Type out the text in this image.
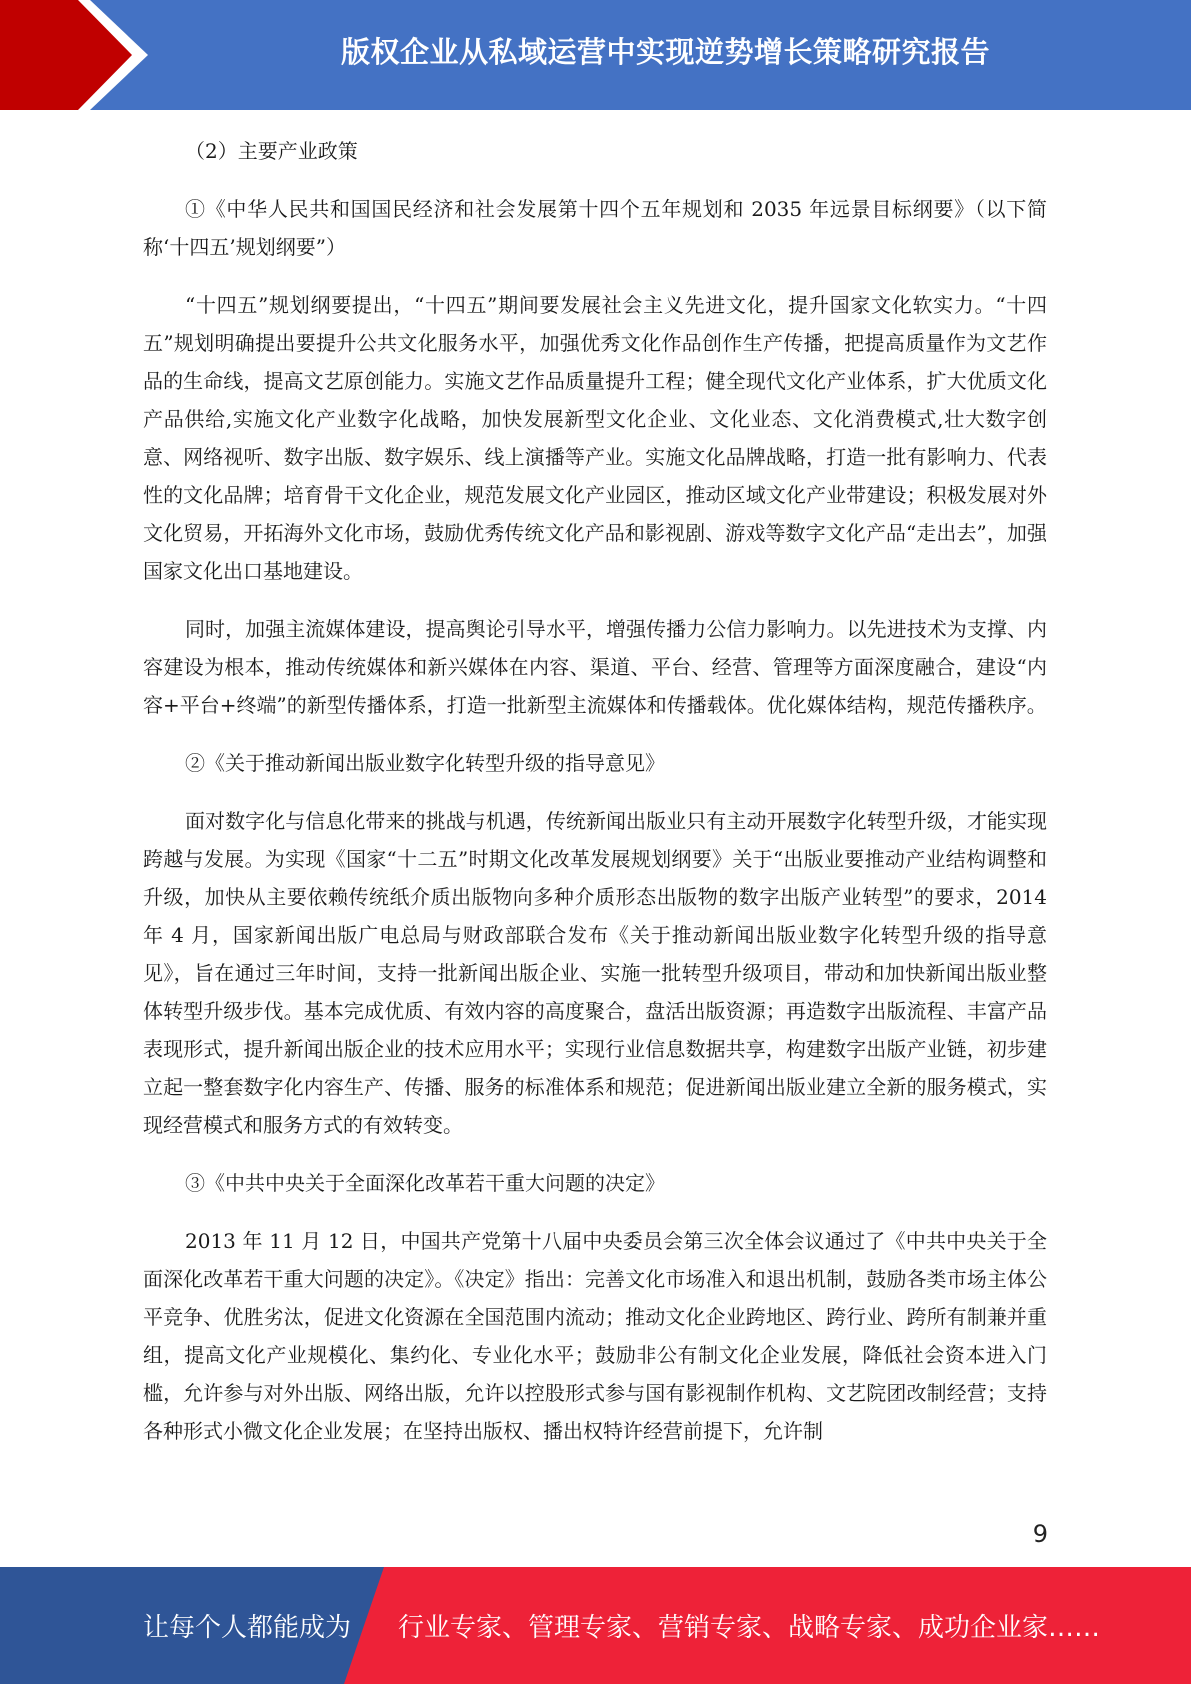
版权企业从私域运营中实现逆势增长策略研究报告

（2）主要产业政策

①《中华人民共和国国民经济和社会发展第十四个五年规划和 2035 年远景目标纲要》（以下简称‘十四五’规划纲要”）

“十四五”规划纲要提出，“十四五”期间要发展社会主义先进文化，提升国家文化软实力。“十四五”规划明确提出要提升公共文化服务水平，加强优秀文化作品创作生产传播，把提高质量作为文艺作品的生命线，提高文艺原创能力。实施文艺作品质量提升工程；健全现代文化产业体系，扩大优质文化产品供给,实施文化产业数字化战略，加快发展新型文化企业、文化业态、文化消费模式,壮大数字创意、网络视听、数字出版、数字娱乐、线上演播等产业。实施文化品牌战略，打造一批有影响力、代表性的文化品牌；培育骨干文化企业，规范发展文化产业园区，推动区域文化产业带建设；积极发展对外文化贸易，开拓海外文化市场，鼓励优秀传统文化产品和影视剧、游戏等数字文化产品“走出去”，加强国家文化出口基地建设。

同时，加强主流媒体建设，提高舆论引导水平，增强传播力公信力影响力。以先进技术为支撑、内容建设为根本，推动传统媒体和新兴媒体在内容、渠道、平台、经营、管理等方面深度融合，建设“内容+平台+终端”的新型传播体系，打造一批新型主流媒体和传播载体。优化媒体结构，规范传播秩序。

②《关于推动新闻出版业数字化转型升级的指导意见》

面对数字化与信息化带来的挑战与机遇，传统新闻出版业只有主动开展数字化转型升级，才能实现跨越与发展。为实现《国家“十二五”时期文化改革发展规划纲要》关于“出版业要推动产业结构调整和升级，加快从主要依赖传统纸介质出版物向多种介质形态出版物的数字出版产业转型”的要求，2014 年 4 月，国家新闻出版广电总局与财政部联合发布《关于推动新闻出版业数字化转型升级的指导意见》，旨在通过三年时间，支持一批新闻出版企业、实施一批转型升级项目，带动和加快新闻出版业整体转型升级步伐。基本完成优质、有效内容的高度聚合，盘活出版资源；再造数字出版流程、丰富产品表现形式，提升新闻出版企业的技术应用水平；实现行业信息数据共享，构建数字出版产业链，初步建立起一整套数字化内容生产、传播、服务的标准体系和规范；促进新闻出版业建立全新的服务模式，实现经营模式和服务方式的有效转变。

③《中共中央关于全面深化改革若干重大问题的决定》

2013 年 11 月 12 日，中国共产党第十八届中央委员会第三次全体会议通过了《中共中央关于全面深化改革若干重大问题的决定》。《决定》指出：完善文化市场准入和退出机制，鼓励各类市场主体公平竞争、优胜劣汰，促进文化资源在全国范围内流动；推动文化企业跨地区、跨行业、跨所有制兼并重组，提高文化产业规模化、集约化、专业化水平；鼓励非公有制文化企业发展，降低社会资本进入门槛，允许参与对外出版、网络出版，允许以控股形式参与国有影视制作机构、文艺院团改制经营；支持各种形式小微文化企业发展；在坚持出版权、播出权特许经营前提下，允许制

9
让每个人都能成为 行业专家、管理专家、营销专家、战略专家、成功企业家……
